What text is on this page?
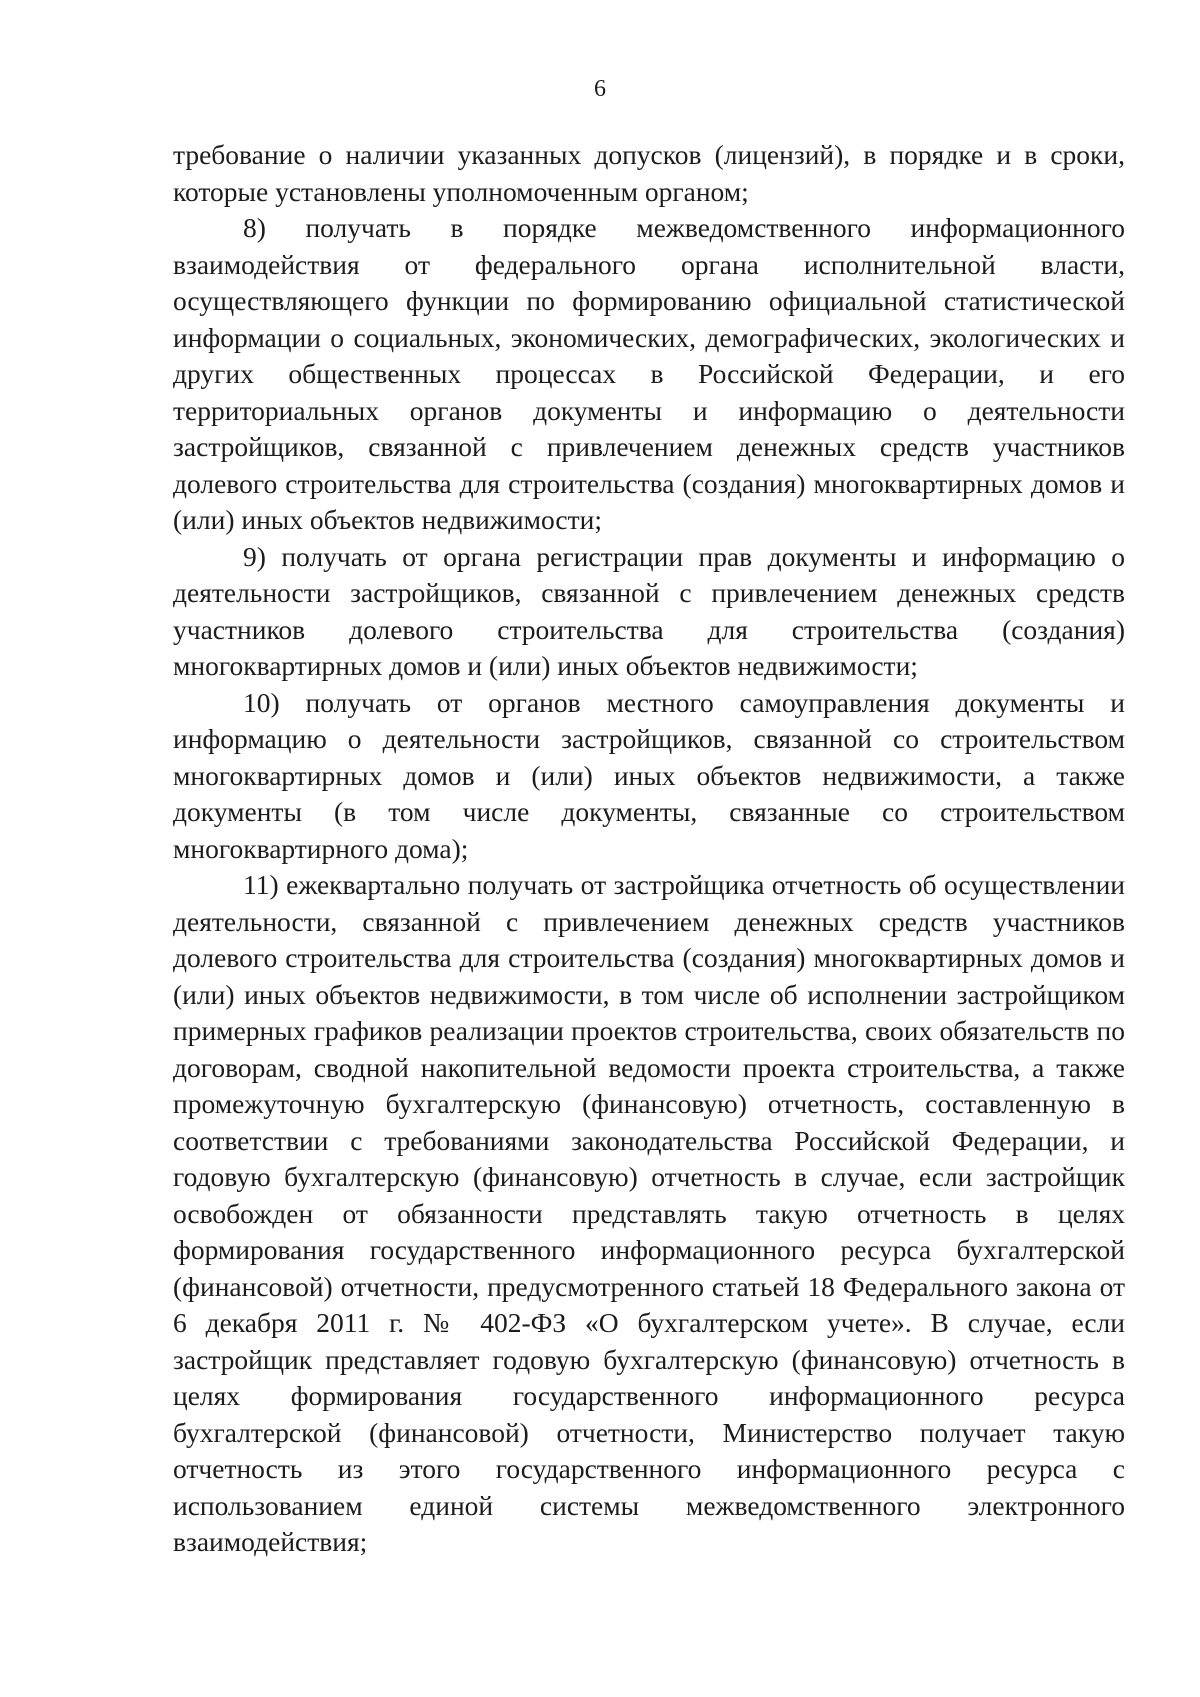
6

требование о наличии указанных допусков (лицензий), в порядке и в сроки, которые установлены уполномоченным органом;

8) получать в порядке межведомственного информационного взаимодействия от федерального органа исполнительной власти, осуществляющего функции по формированию официальной статистической информации о социальных, экономических, демографических, экологических и других общественных процессах в Российской Федерации, и его территориальных органов документы и информацию о деятельности застройщиков, связанной с привлечением денежных средств участников долевого строительства для строительства (создания) многоквартирных домов и (или) иных объектов недвижимости;

9) получать от органа регистрации прав документы и информацию о деятельности застройщиков, связанной с привлечением денежных средств участников долевого строительства для строительства (создания) многоквартирных домов и (или) иных объектов недвижимости;

10) получать от органов местного самоуправления документы и информацию о деятельности застройщиков, связанной со строительством многоквартирных домов и (или) иных объектов недвижимости, а также документы (в том числе документы, связанные со строительством многоквартирного дома);

11) ежеквартально получать от застройщика отчетность об осуществлении деятельности, связанной с привлечением денежных средств участников долевого строительства для строительства (создания) многоквартирных домов и (или) иных объектов недвижимости, в том числе об исполнении застройщиком примерных графиков реализации проектов строительства, своих обязательств по договорам, сводной накопительной ведомости проекта строительства, а также промежуточную бухгалтерскую (финансовую) отчетность, составленную в соответствии с требованиями законодательства Российской Федерации, и годовую бухгалтерскую (финансовую) отчетность в случае, если застройщик освобожден от обязанности представлять такую отчетность в целях формирования государственного информационного ресурса бухгалтерской (финансовой) отчетности, предусмотренного статьей 18 Федерального закона от 6 декабря 2011 г. № 402-ФЗ «О бухгалтерском учете». В случае, если застройщик представляет годовую бухгалтерскую (финансовую) отчетность в целях формирования государственного информационного ресурса бухгалтерской (финансовой) отчетности, Министерство получает такую отчетность из этого государственного информационного ресурса с использованием единой системы межведомственного электронного взаимодействия;
